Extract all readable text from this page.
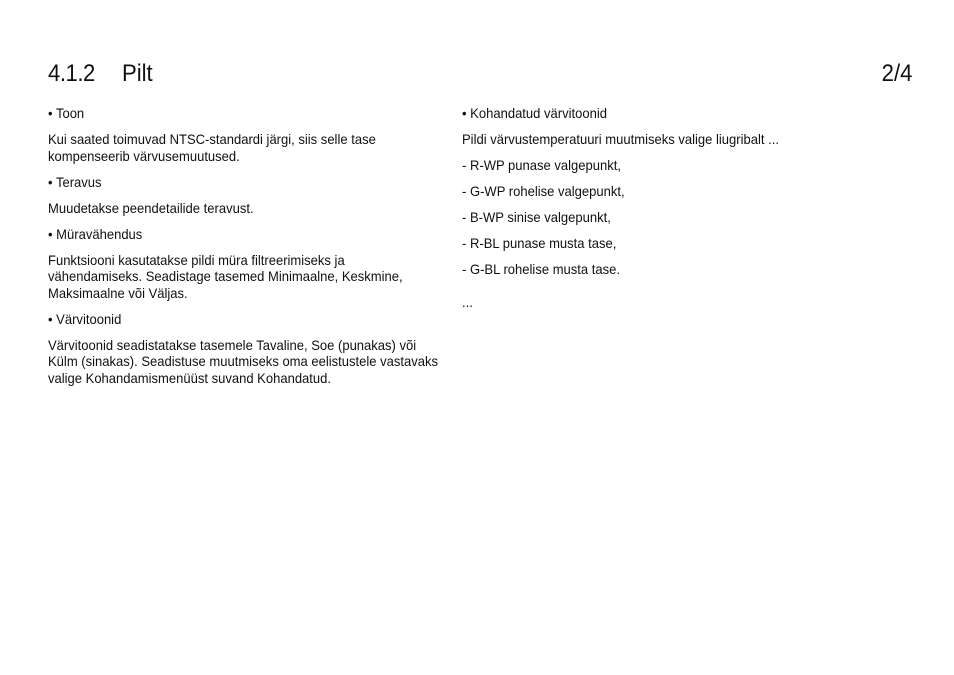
4.1.2 Pilt	2/4

• Toon

Kui saated toimuvad NTSC-standardi järgi, siis selle tase kompenseerib värvusemuutused.

• Teravus

Muudetakse peendetailide teravust.

• Müravähendus

Funktsiooni kasutatakse pildi müra filtreerimiseks ja vähendamiseks. Seadistage tasemed Minimaalne, Keskmine, Maksimaalne või Väljas.

• Värvitoonid

Värvitoonid seadistatakse tasemele Tavaline, Soe (punakas) või Külm (sinakas). Seadistuse muutmiseks oma eelistustele vastavaks valige Kohandamismenüüst suvand Kohandatud.

• Kohandatud värvitoonid

Pildi värvustemperatuuri muutmiseks valige liugribalt ...

- R-WP punase valgepunkt,

- G-WP rohelise valgepunkt,

- B-WP sinise valgepunkt,

- R-BL punase musta tase,

- G-BL rohelise musta tase.

...
